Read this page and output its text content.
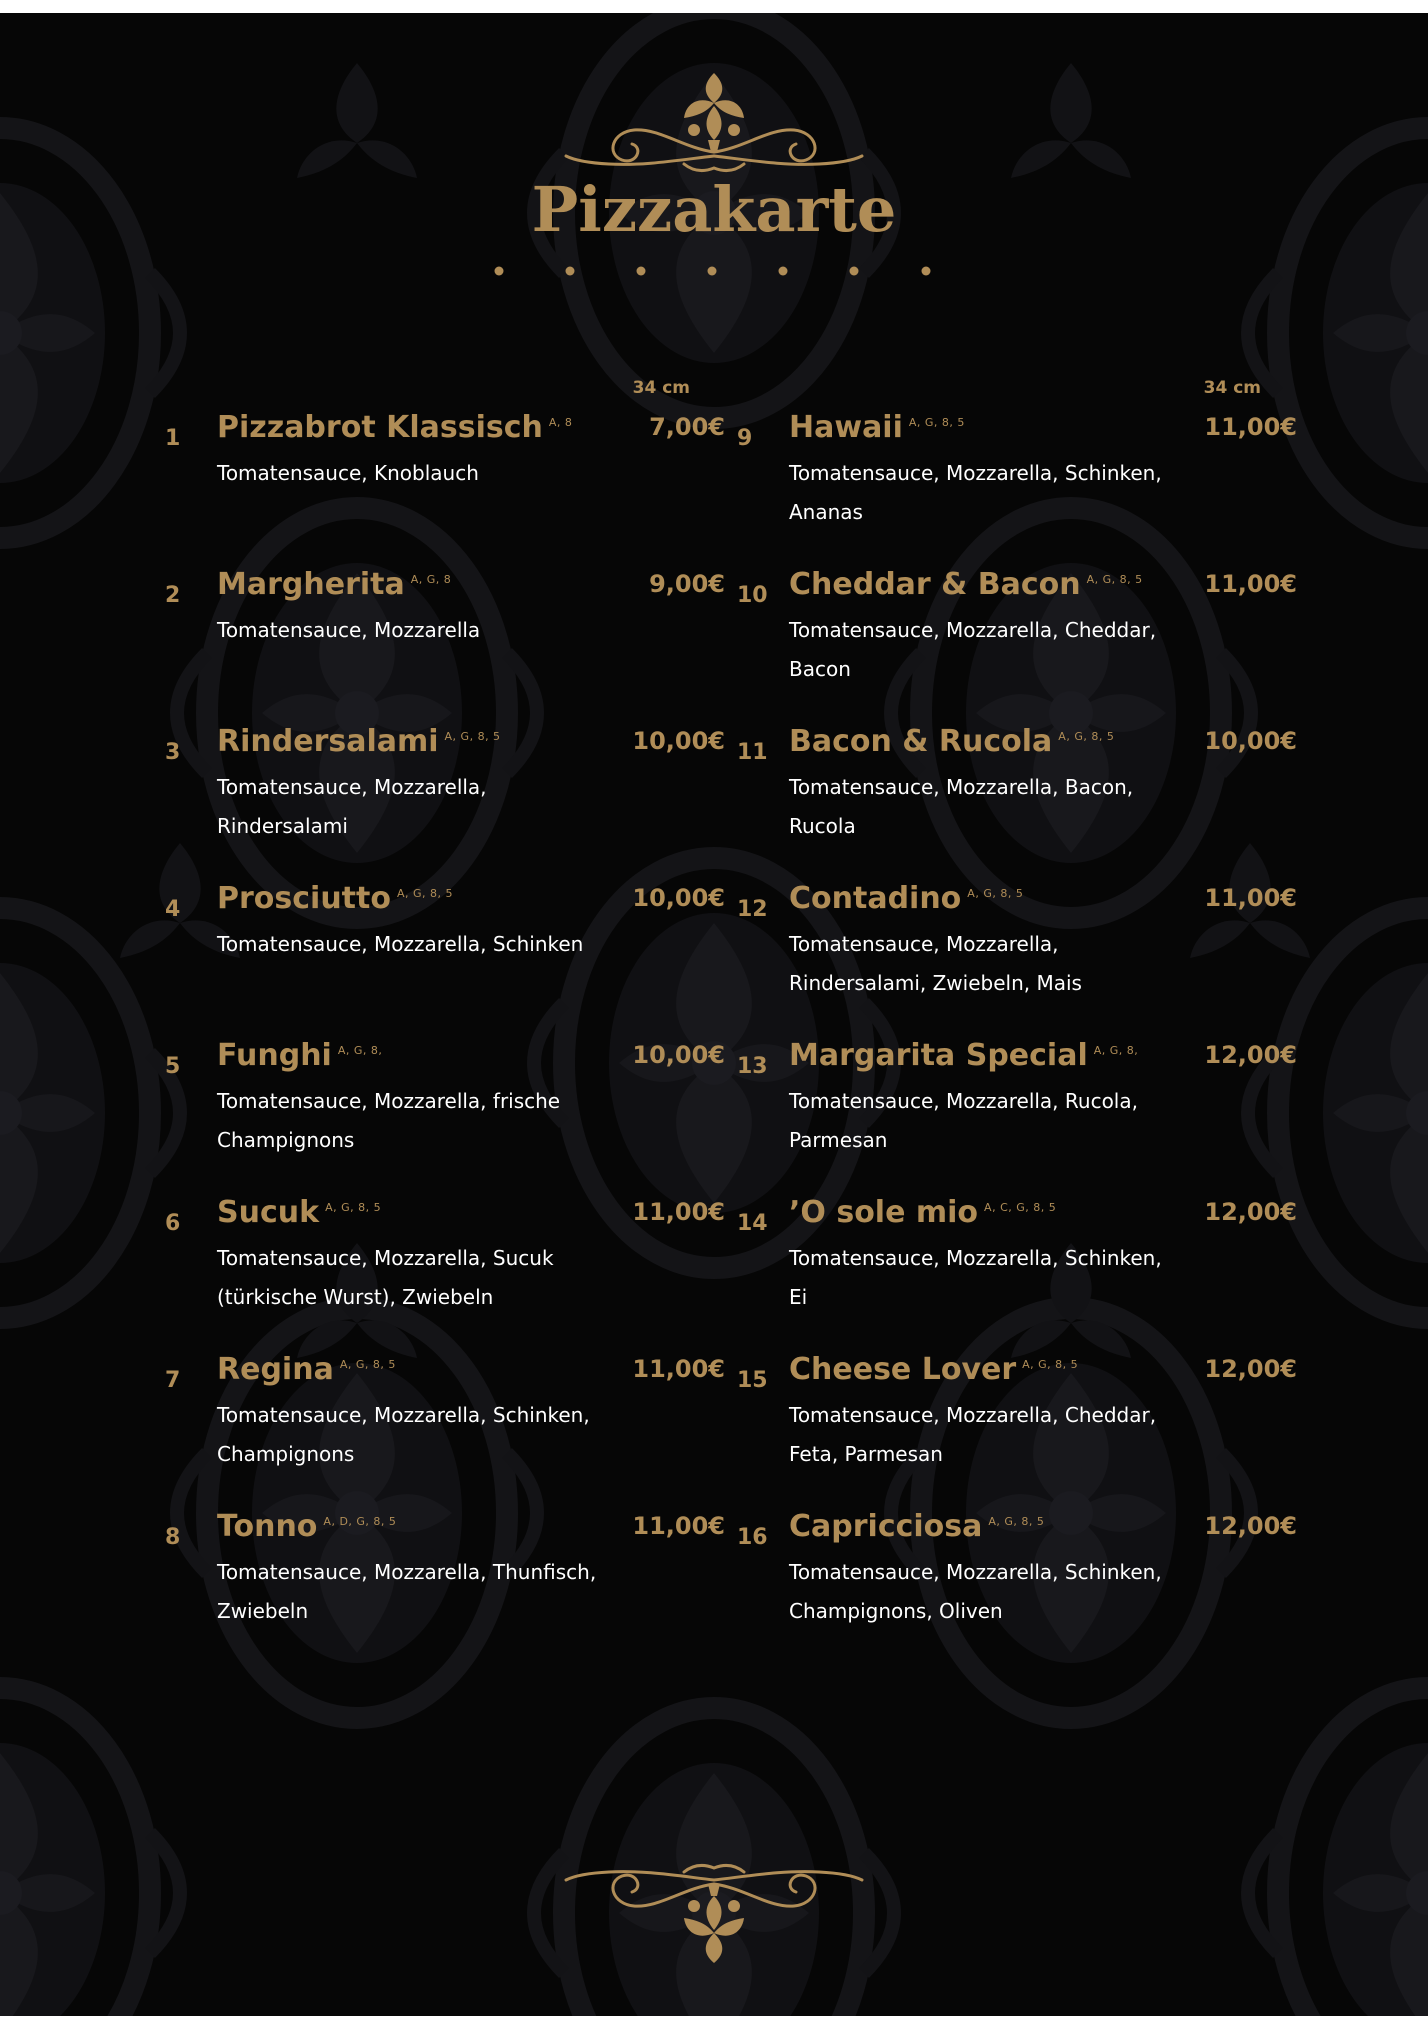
Pizzakarte
34 cm	34 cm
1	Pizzabrot Klassisch $^{A, 8}$	7,00€
Tomatensauce, Knoblauch
2	Margherita $^{A, G, 8}$	9,00€
Tomatensauce, Mozzarella
3	Rindersalami $^{A, G, 8, 5}$	10,00€
Tomatensauce, Mozzarella, Rindersalami
4	Prosciutto $^{A, G, 8, 5}$	10,00€
Tomatensauce, Mozzarella, Schinken
5	Funghi $^{A, G, 8,}$	10,00€
Tomatensauce, Mozzarella, frische Champignons
6	Sucuk $^{A, G, 8, 5}$	11,00€
Tomatensauce, Mozzarella, Sucuk (türkische Wurst), Zwiebeln
7	Regina $^{A, G, 8, 5}$	11,00€
Tomatensauce, Mozzarella, Schinken, Champignons
8	Tonno $^{A, D, G, 8, 5}$	11,00€
Tomatensauce, Mozzarella, Thunfisch, Zwiebeln
9	Hawaii $^{A, G, 8, 5}$	11,00€
Tomatensauce, Mozzarella, Schinken, Ananas
10 Cheddar & Bacon $^{A, G, 8, 5}$	11,00€
Tomatensauce, Mozzarella, Cheddar, Bacon
11 Bacon & Rucola $^{A, G, 8, 5}$	10,00€
Tomatensauce, Mozzarella, Bacon, Rucola
12 Contadino $^{A, G, 8, 5}$	11,00€
Tomatensauce, Mozzarella, Rindersalami, Zwiebeln, Mais
13 Margarita Special $^{A, G, 8,}$	12,00€
Tomatensauce, Mozzarella, Rucola, Parmesan
14 ’O sole mio $^{A, C, G, 8, 5}$	12,00€
Tomatensauce, Mozzarella, Schinken, Ei
15 Cheese Lover $^{A, G, 8, 5}$	12,00€
Tomatensauce, Mozzarella, Cheddar, Feta, Parmesan
16 Capricciosa $^{A, G, 8, 5}$	12,00€
Tomatensauce, Mozzarella, Schinken, Champignons, Oliven
